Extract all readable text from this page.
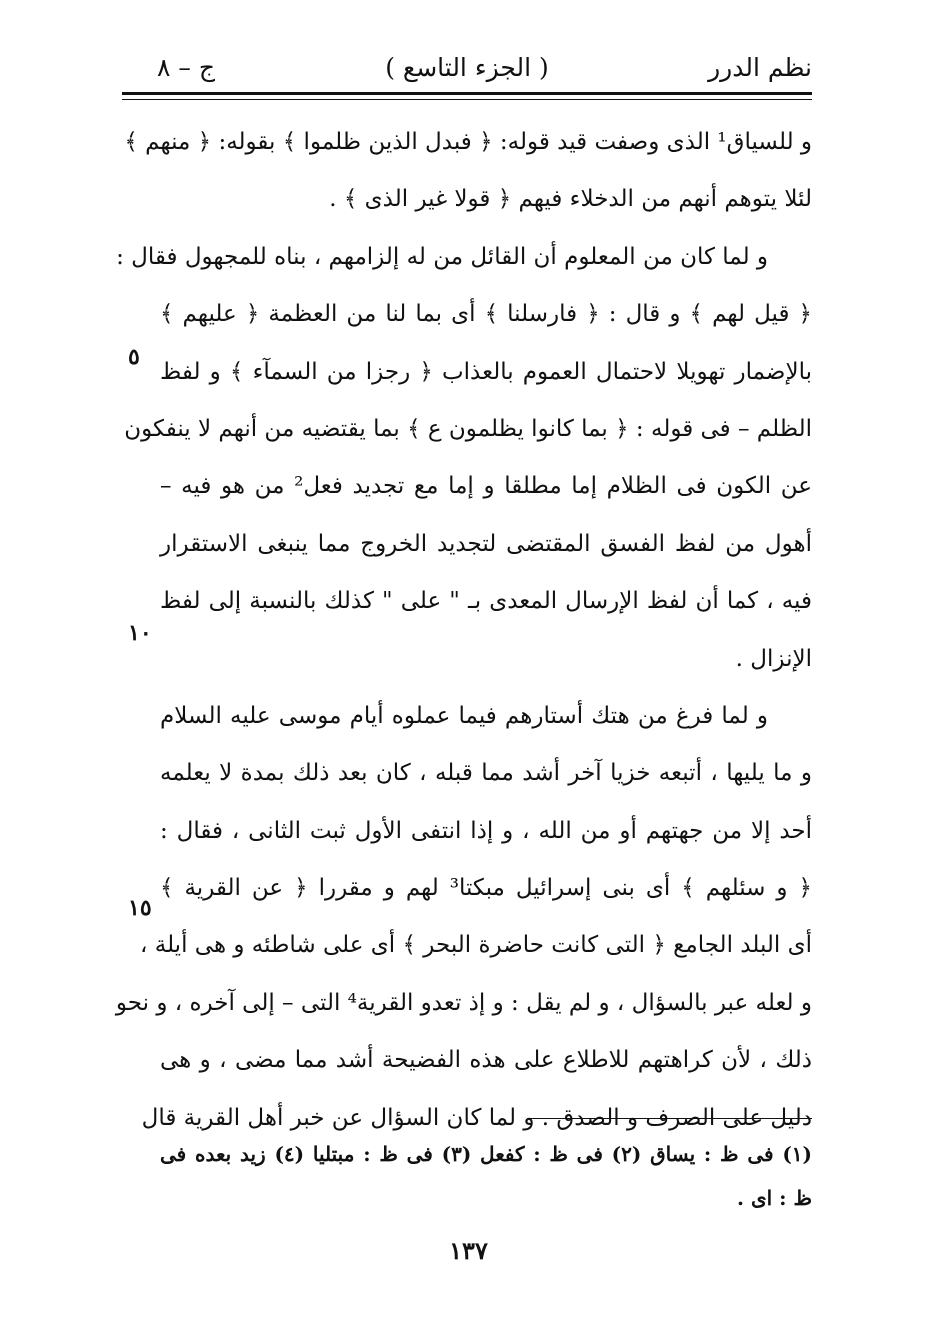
نظم الدرر
( الجزء التاسع )
ج – ٨
و للسياق¹ الذى وصفت قيد قوله: ﴿ فبدل الذين ظلموا ﴾ بقوله: ﴿ منهم ﴾
لئلا يتوهم أنهم من الدخلاء فيهم ﴿ قولا غير الذى ﴾ .
و لما كان من المعلوم أن القائل من له إلزامهم ، بناه للمجهول فقال :
﴿ قيل لهم ﴾ و قال : ﴿ فارسلنا ﴾ أى بما لنا من العظمة ﴿ عليهم ﴾
بالإضمار تهويلا لاحتمال العموم بالعذاب ﴿ رجزا من السمآء ﴾ و لفظ
الظلم – فى قوله : ﴿ بما كانوا يظلمون ع ﴾ بما يقتضيه من أنهم لا ينفكون
عن الكون فى الظلام إما مطلقا و إما مع تجديد فعل² من هو فيه –
أهول من لفظ الفسق المقتضى لتجديد الخروج مما ينبغى الاستقرار
فيه ، كما أن لفظ الإرسال المعدى بـ " على " كذلك بالنسبة إلى لفظ
الإنزال .
و لما فرغ من هتك أستارهم فيما عملوه أيام موسى عليه السلام
و ما يليها ، أتبعه خزيا آخر أشد مما قبله ، كان بعد ذلك بمدة لا يعلمه
أحد إلا من جهتهم أو من الله ، و إذا انتفى الأول ثبت الثانى ، فقال :
﴿ و سئلهم ﴾ أى بنى إسرائيل مبكتا³ لهم و مقررا ﴿ عن القرية ﴾
أى البلد الجامع ﴿ التى كانت حاضرة البحر ﴾ أى على شاطئه و هى أيلة ،
و لعله عبر بالسؤال ، و لم يقل : و إذ تعدو القرية⁴ التى – إلى آخره ، و نحو
ذلك ، لأن كراهتهم للاطلاع على هذه الفضيحة أشد مما مضى ، و هى
دليل على الصرف و الصدق . و لما كان السؤال عن خبر أهل القرية قال
٥
١٠
١٥
(١) فى ظ : يساق (٢) فى ظ : كفعل (٣) فى ظ : مبتليا (٤) زيد بعده فى
ظ : اى .
١٣٧
